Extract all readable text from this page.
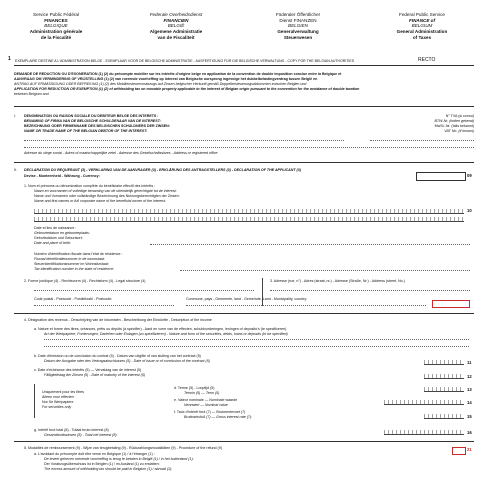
Service Public Fédéral
FINANCES
BELGIQUE
Administration générale
de la Fiscalité
Federale Overheidsdienst
FINANCIEN
BELGIË
Algemene Administratie
van de Fiscaliteit
Föderaler Öffentlicher
Dienst FINANZEN
BELGIEN
Generalverwaltung
Steuerwesen
Federal Public Service
FINANCE of
BELGIUM
General Administration
of Taxes
1 EXEMPLAIRE DESTINE A L'ADMINISTRATION BELGE - EXEMPLAAR VOOR DE BELGISCHE ADMINISTRATIE - AUSFERTIGUNG FÜR DIE BELGISCHE VERWALTUNG - COPY FOR THE BELGIAN AUTHORITIES	RECTO
DEMANDE DE REDUCTION OU D'EXONERATION (1) (2) du précompte mobilier sur les intérêts d'origine belge en application de la convention de double imposition conclue entre la Belgique et
AANVRAAG OM VERMINDERING OF VRIJSTELLING (1) (2) van roerende voorheffing op interest van Belgische oorsprong ingevolge het dubbelbelastingverdrag tussen België en
ANTRAG AUF ERMÄSSIGUNG ODER BEFREIUNG (1) (2) des Mobiliensteuervorabzugs auf Zinsen belgischer Herkunft gemäß Doppelbesteuerungsabkommen zwischen Belgien und
APPLICATION FOR REDUCTION OR EXEMPTION (1) (2) of withholding tax on movable property applicable to the interest of Belgian origin pursuant to the convention for the avoidance of double taxation
between Belgium and
I. DENOMINATION OU RAISON SOCIALE DU DEBITEUR BELGE DES INTERETS :
BENAMING OF FIRMA VAN DE BELGISCHE SCHULDENAAR VAN DE INTEREST:
BEZEICHNUNG ODER FIRMENNAME DES BELGISCHEN SCHULDNERS DER ZINSEN:
NAME OR TRADE NAME OF THE BELGIAN DEBTOR OF THE INTEREST:
N° TVA (si connu)
BTW-Nr. (indien gekend)
MwSt.-Nr. (falls bekannt)
VAT No. (if known)
Adresse du siège social - Adres of maatschappelijke zetel - Adresse des Gesellschaftssitzes - Address or registered office
II. DECLARATION DU REQUERANT (3) - VERKLARING VAN DE AANVRAGER (3) - ERKLÄRUNG DES ANTRAGSTELLERS (3) - DECLARATION OF THE APPLICANT (3)
Devise - Munteenheid - Währung - Currency:	09
1. Nom et prénoms ou dénomination complète du bénéficiaire effectif des intérêts :
Naam en voornamen of volledige benaming van de uiteindelijk gerechtigde tot de interest:
Name und Vornamen oder vollständige Bezeichnung des Nutzungsberechtigten der Zinsen:
Name and first names or full corporate name of the beneficial owner of the interest:
10
Date et lieu de naissance :
Geboortedatum en geboorteplaats:
Geburtsdatum und Geburtsort:
Date and place of birth:
Numéro d'identification fiscale dans l'état de résidence :
Fiscaal identificatienummer in de woonstaat:
Steueridentifikationsnummer im Wohnsitzstaat:
Tax identification number in the state of residence:
2. Forme juridique (4) - Rechtsvorm (4) - Rechtsform (4) - Legal structure (4)	3. Adresse (rue, n°) - Adres (straat, nr.) - Adresse (Straße, Nr.) - Address (street, No.)
Code postal - Postcode - Postleitzahl - Postcode:	Commune, pays - Gemeente, land - Gemeinde, Land - Municipality, country:
4. Désignation des revenus - Omschrijving van de inkomsten - Beschreibung der Einkünfte - Description of the income
a. Nature et forme des titres, créances, prêts ou dépôts (à spécifier) - Aard en vorm van de effecten, schuldvorderingen, leningen of deposito's (te specificeren)
Art der Wertpapiere, Forderungen, Darlehen oder Einlagen (zu spezifizieren) - Nature and form of the securities, debts, loans or deposits (to be specified)
b. Date d'émission ou de conclusion du contrat (5) - Datum van uitgifte of van sluiting van het contract (5)
Datum der Ausgabe oder des Vertragsabschlusses (5) - Date of issue or of conclusion of the contract (5)	11
c. Date d'échéance des intérêts (5) — Vervaldag van de interest (5)
Fälligkeitstag der Zinsen (5) - Date of maturity of the interest (5)	12
Uniquement pour les titres
Alleen voor effecten
Nur für Wertpapiere
For securities only
d. Terme (5) - Looptijd (5)
Termin (5) — Term (5)
13
e. Valeur nominale — Nominale waarde
Nennwert — Nominal value	14
f. Taux d'intérêt brut (7) — Brutorentevoet (7)
Bruttozinsfuß (7) — Gross interest rate (7):	15
g. Intérêt brut total (8) - Totaal bruto interest (8)
Gesamtbruttozinsen (8) - Total net interest (8)	16
5. Modalités de remboursement (9) - Wijze van terugbetaling (9) - Rückzahlungsmodalitäten (9) - Procedure of the refund (9)
a. L'avoidant du précompte doit être versé en Belgique (1) / à l'étranger (1) :
De teveel geheven roerende voorheffing is terug te betalen in België (1) / in het buitenland (1):
Der Vorabzugsüberschuss ist in Belgien (1) / im Ausland (1) zu erstatten:
The excess amount of withholding tax should be paid in Belgium (1) / abroad (1):
21
